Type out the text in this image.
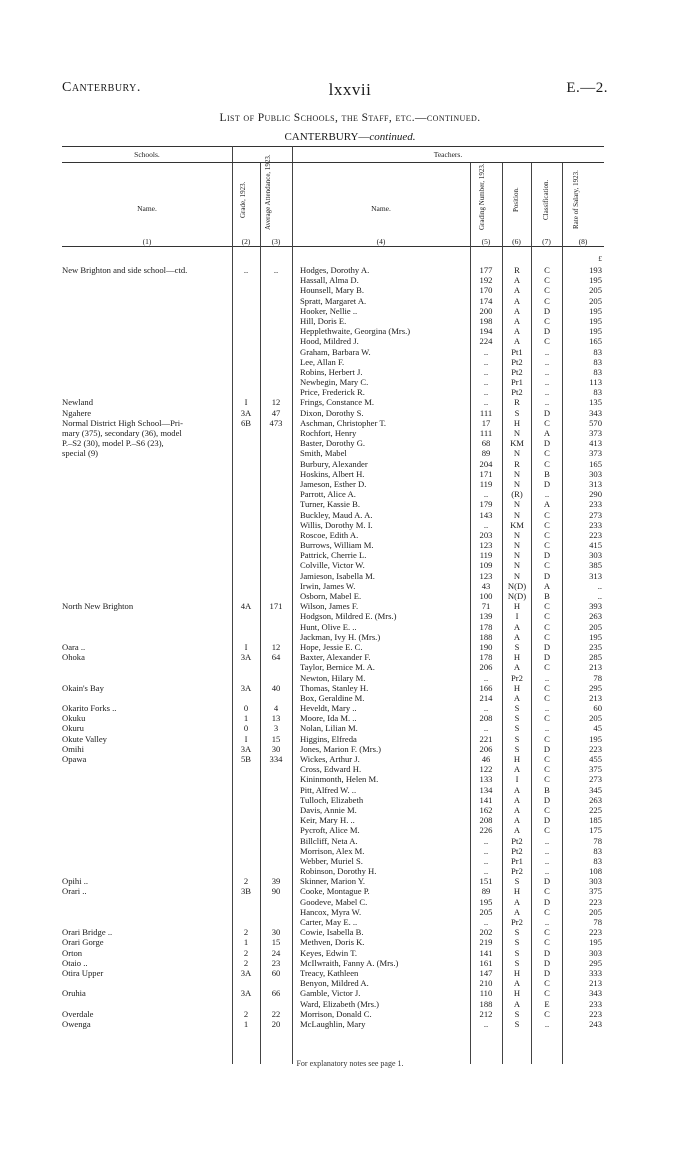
Canterbury.	lxxvii	E.—2.
List of Public Schools, the Staff, etc.—continued.
CANTERBURY—continued.
Schools.	Teachers.
Name.	Grade, 1923. Average Attendance, 1923.	Name.	Grading Number, 1923.	Position.	Classification.	Rate of Salary, 1923.
(1)	(2)	(3)	(4)	(5)	(6)	(7)	(8)
£
New Brighton and side school—ctd.	..	..	Hodges, Dorothy A.	177	R	C	193
Hassall, Alma D.	192	A	C	195
Hounsell, Mary B.	170	A	C	205
Spratt, Margaret A.	174	A	C	205
Hooker, Nellie ..	200	A	D	195
Hill, Doris E.	198	A	C	195
Hepplethwaite, Georgina (Mrs.)	194	A	D	195
Hood, Mildred J.	224	A	C	165
Graham, Barbara W.	..	Pt1	..	83
Lee, Allan F.	..	Pt2	..	83
Robins, Herbert J.	..	Pt2	..	83
Newbegin, Mary C.	..	Pr1	..	113
Price, Frederick R.	..	Pt2	..	83
Newland	I	12	Frings, Constance M.	..	R	..	135
Ngahere	3A	47	Dixon, Dorothy S.	111	S	D	343
Normal District High School—Pri-	6B	473	Aschman, Christopher T.	17	H	C	570
mary (375), secondary (36), model	Rochfort, Henry	111	N	A	373
P.–S2 (30), model P.–S6 (23),	Baster, Dorothy G.	68	KM	D	413
special (9)	Smith, Mabel	89	N	C	373
Burbury, Alexander	204	R	C	165
Hoskins, Albert H.	171	N	B	303
Jameson, Esther D.	119	N	D	313
Parrott, Alice A.	..	(R)	..	290
Turner, Kassie B.	179	N	A	233
Buckley, Maud A. A.	143	N	C	273
Willis, Dorothy M. I.	..	KM	C	233
Roscoe, Edith A.	203	N	C	223
Burrows, William M.	123	N	C	415
Pattrick, Cherrie L.	119	N	D	303
Colville, Victor W.	109	N	C	385
Jamieson, Isabella M.	123	N	D	313
Irwin, James W.	43	N(D)	A	..
Osborn, Mabel E.	100	N(D)	B	..
North New Brighton	4A	171	Wilson, James F.	71	H	C	393
Hodgson, Mildred E. (Mrs.)	139	I	C	263
Hunt, Olive E. ..	178	A	C	205
Jackman, Ivy H. (Mrs.)	188	A	C	195
Oara ..	I	12	Hope, Jessie E. C.	190	S	D	235
Ohoka	3A	64	Baxter, Alexander F.	178	H	D	285
Taylor, Bernice M. A.	206	A	C	213
Newton, Hilary M.	..	Pr2	..	78
Okain's Bay	3A	40	Thomas, Stanley H.	166	H	C	295
Box, Geraldine M.	214	A	C	213
Okarito Forks ..	0	4	Heveldt, Mary ..	..	S	..	60
Okuku	1	13	Moore, Ida M. ..	208	S	C	205
Okuru	0	3	Nolan, Lilian M.	..	S	..	45
Okute Valley	I	15	Higgins, Elfreda	221	S	C	195
Omihi	3A	30	Jones, Marion F. (Mrs.)	206	S	D	223
Opawa	5B	334	Wickes, Arthur J.	46	H	C	455
Cross, Edward H.	122	A	C	375
Kininmonth, Helen M.	133	I	C	273
Pitt, Alfred W. ..	134	A	B	345
Tulloch, Elizabeth	141	A	D	263
Davis, Annie M.	162	A	C	225
Keir, Mary H. ..	208	A	D	185
Pycroft, Alice M.	226	A	C	175
Billcliff, Neta A.	..	Pt2	..	78
Morrison, Alex M.	..	Pt2	..	83
Webber, Muriel S.	..	Pr1	..	83
Robinson, Dorothy H.	..	Pr2	..	108
Opihi ..	2	39	Skinner, Marion Y.	151	S	D	303
Orari ..	3B	90	Cooke, Montague P.	89	H	C	375
Goodeve, Mabel C.	195	A	D	223
Hancox, Myra W.	205	A	C	205
Carter, May E. ..	..	Pr2	..	78
Orari Bridge ..	2	30	Cowie, Isabella B.	202	S	C	223
Orari Gorge	1	15	Methven, Doris K.	219	S	C	195
Orton	2	24	Keyes, Edwin T.	141	S	D	303
Otaio ..	2	23	McIlwraith, Fanny A. (Mrs.)	161	S	D	295
Otira Upper	3A	60	Treacy, Kathleen	147	H	D	333
Benyon, Mildred A.	210	A	C	213
Oruhia	3A	66	Gamble, Victor J.	110	H	C	343
Ward, Elizabeth (Mrs.)	188	A	E	233
Overdale	2	22	Morrison, Donald C.	212	S	C	223
Owenga	1	20	McLaughlin, Mary	..	S	..	243
For explanatory notes see page 1.
